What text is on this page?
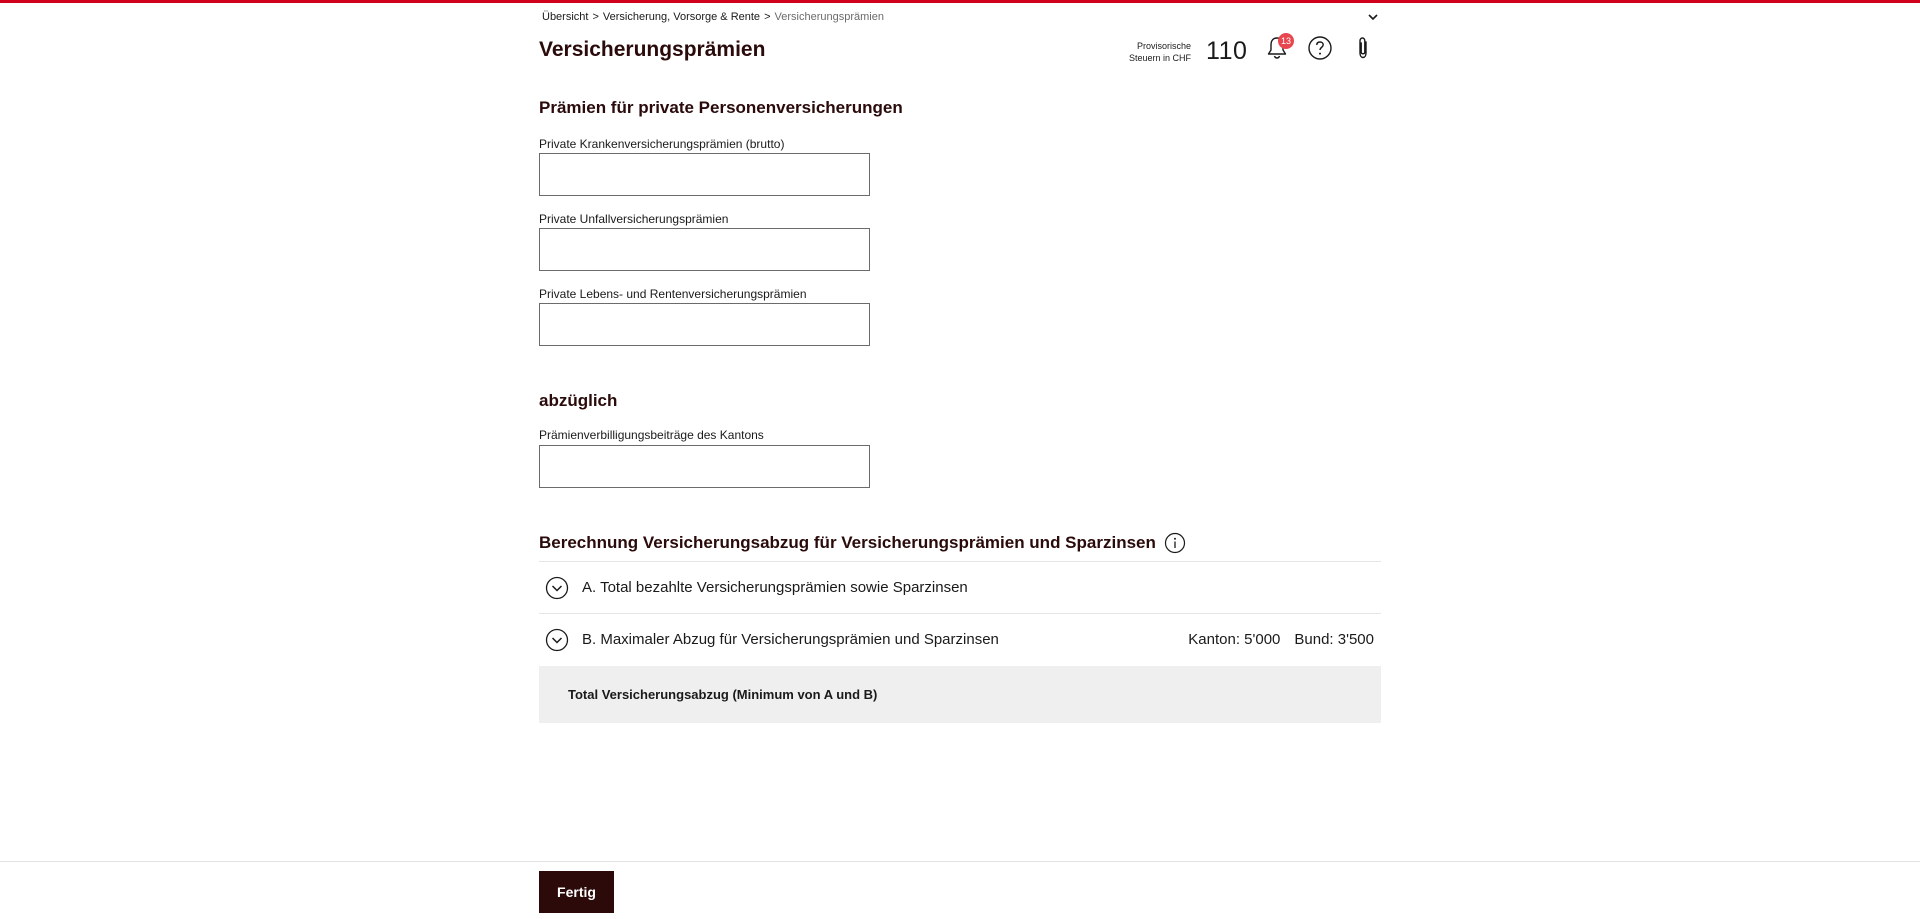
Übersicht > Versicherung, Vorsorge & Rente > Versicherungsprämien
Versicherungsprämien	Provisorische
Steuern in CHF 110	13
Prämien für private Personenversicherungen
Private Krankenversicherungsprämien (brutto)
Private Unfallversicherungsprämien
Private Lebens- und Rentenversicherungsprämien
abzüglich
Prämienverbilligungsbeiträge des Kantons
Berechnung Versicherungsabzug für Versicherungsprämien und Sparzinsen
A. Total bezahlte Versicherungsprämien sowie Sparzinsen
B. Maximaler Abzug für Versicherungsprämien und Sparzinsen	Kanton: 5'000 Bund: 3'500
Total Versicherungsabzug (Minimum von A und B)
Fertig
